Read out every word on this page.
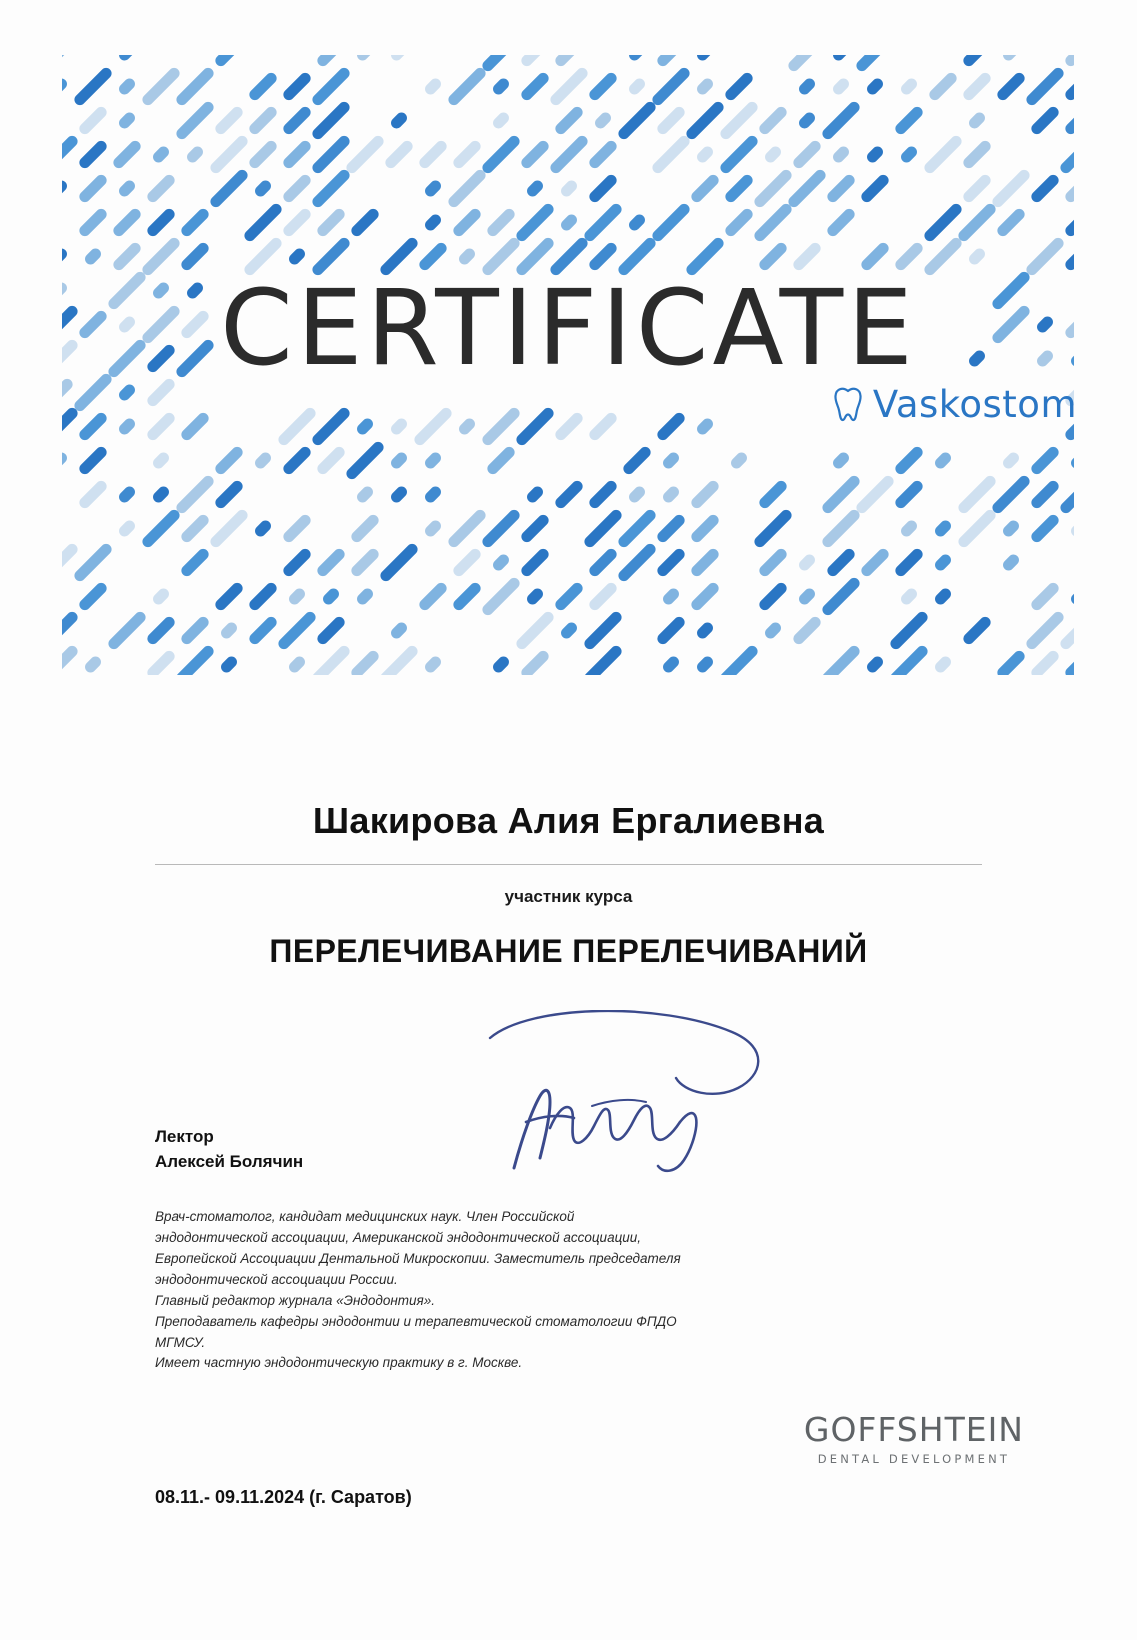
CERTIFICATE
Vaskostom
Шакирова Алия Ергалиевна
участник курса
ПЕРЕЛЕЧИВАНИЕ ПЕРЕЛЕЧИВАНИЙ
Лектор
Алексей Болячин
Врач-стоматолог, кандидат медицинских наук. Член Российской эндодонтической ассоциации, Американской эндодонтической ассоциации, Европейской Ассоциации Дентальной Микроскопии. Заместитель председателя эндодонтической ассоциации России.
Главный редактор журнала «Эндодонтия».
Преподаватель кафедры эндодонтии и терапевтической стоматологии ФПДО МГМСУ.
Имеет частную эндодонтическую практику в г. Москве.
GOFFSHTEIN
DENTAL DEVELOPMENT
08.11.- 09.11.2024 (г. Саратов)
